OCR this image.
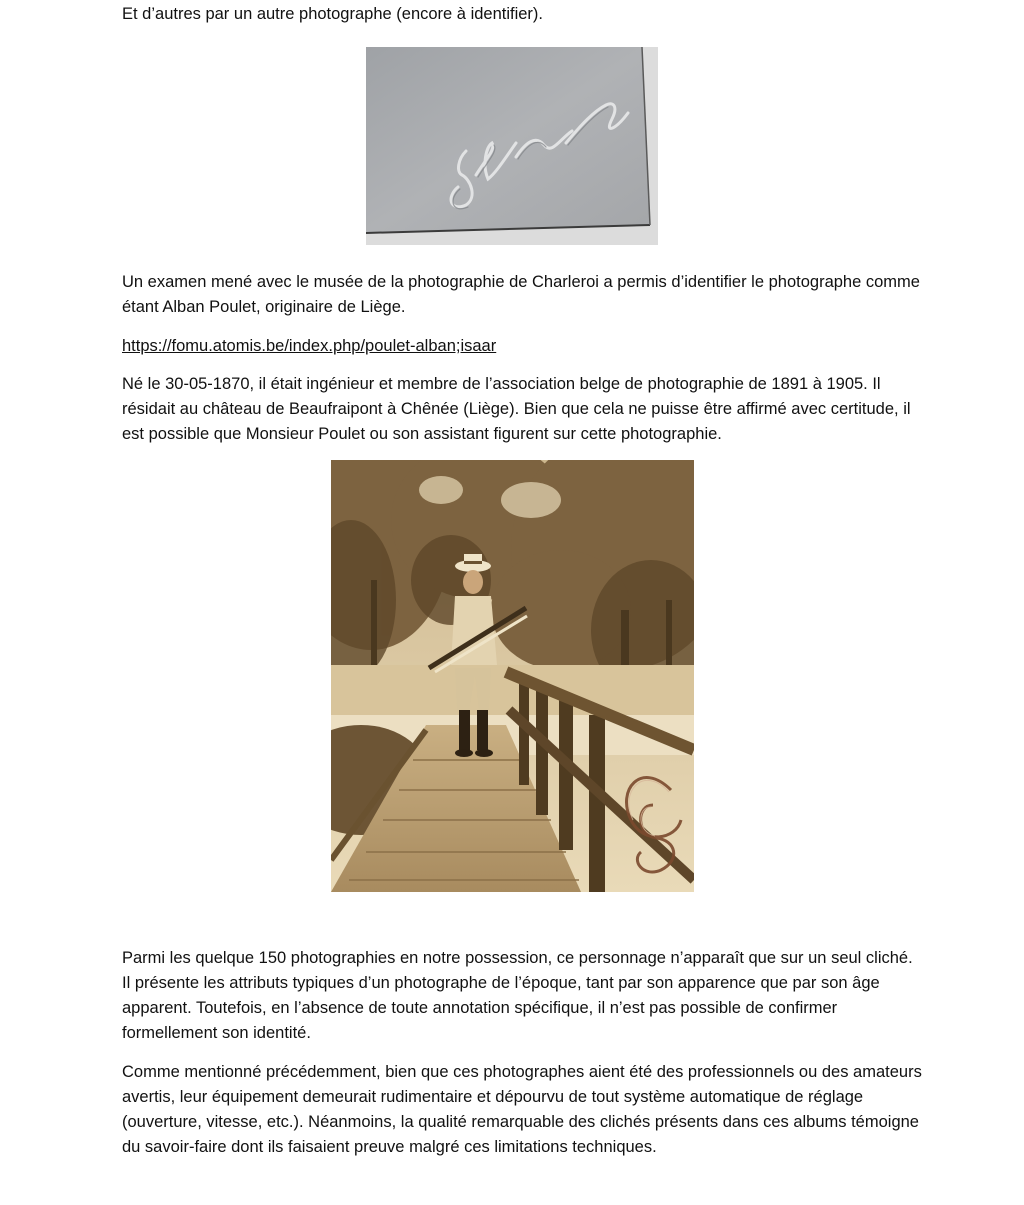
Et d’autres par un autre photographe (encore à identifier).

Un examen mené avec le musée de la photographie de Charleroi a permis d’identifier le photographe comme étant Alban Poulet, originaire de Liège.

https://fomu.atomis.be/index.php/poulet-alban;isaar

Né le 30-05-1870, il était ingénieur et membre de l’association belge de photographie de 1891 à 1905. Il résidait au château de Beaufraipont à Chênée (Liège). Bien que cela ne puisse être affirmé avec certitude, il est possible que Monsieur Poulet ou son assistant figurent sur cette photographie.

Parmi les quelque 150 photographies en notre possession, ce personnage n’apparaît que sur un seul cliché. Il présente les attributs typiques d’un photographe de l’époque, tant par son apparence que par son âge apparent. Toutefois, en l’absence de toute annotation spécifique, il n’est pas possible de confirmer formellement son identité.

Comme mentionné précédemment, bien que ces photographes aient été des professionnels ou des amateurs avertis, leur équipement demeurait rudimentaire et dépourvu de tout système automatique de réglage (ouverture, vitesse, etc.). Néanmoins, la qualité remarquable des clichés présents dans ces albums témoigne du savoir-faire dont ils faisaient preuve malgré ces limitations techniques.
